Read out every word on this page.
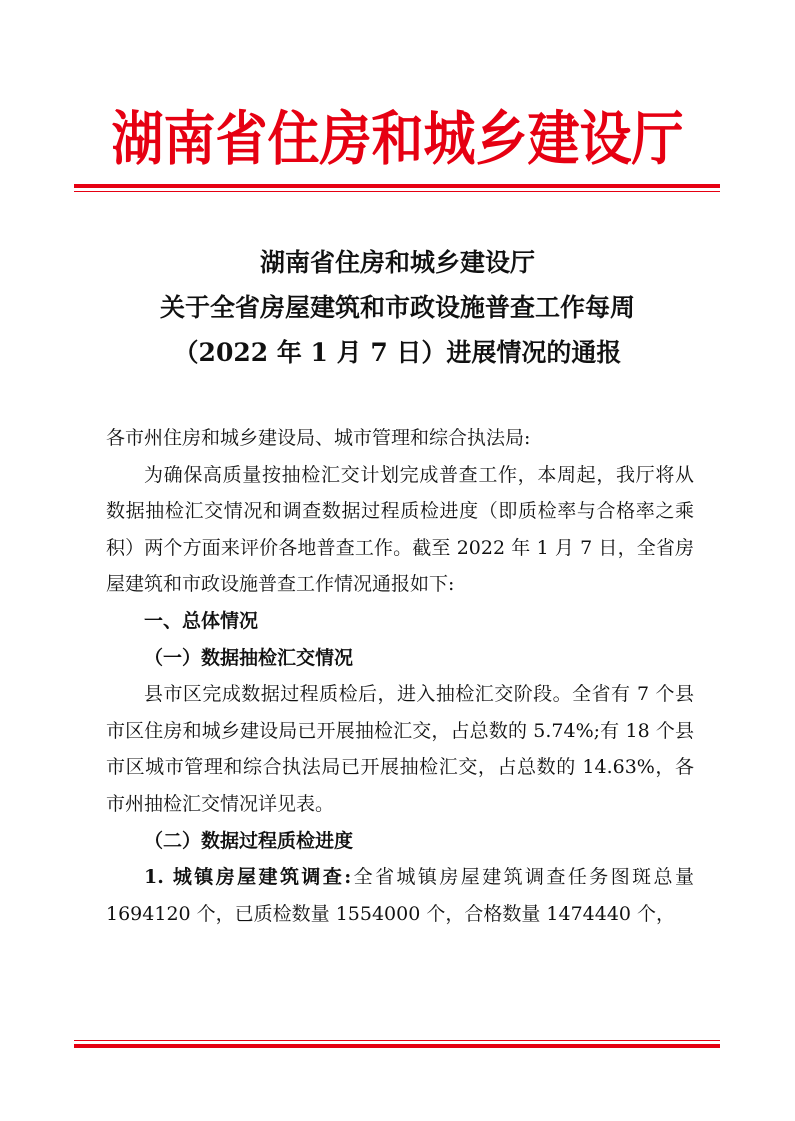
湖南省住房和城乡建设厅
湖南省住房和城乡建设厅
关于全省房屋建筑和市政设施普查工作每周
（2022 年 1 月 7 日）进展情况的通报

各市州住房和城乡建设局、城市管理和综合执法局:

为确保高质量按抽检汇交计划完成普查工作，本周起，我厅将从数据抽检汇交情况和调查数据过程质检进度（即质检率与合格率之乘积）两个方面来评价各地普查工作。截至 2022 年 1 月 7 日，全省房屋建筑和市政设施普查工作情况通报如下:

一、总体情况

（一）数据抽检汇交情况

县市区完成数据过程质检后，进入抽检汇交阶段。全省有 7 个县市区住房和城乡建设局已开展抽检汇交，占总数的 5.74%;有 18 个县市区城市管理和综合执法局已开展抽检汇交，占总数的 14.63%，各市州抽检汇交情况详见表。

（二）数据过程质检进度

1. 城镇房屋建筑调查:全省城镇房屋建筑调查任务图斑总量 1694120 个，已质检数量 1554000 个，合格数量 1474440 个，
